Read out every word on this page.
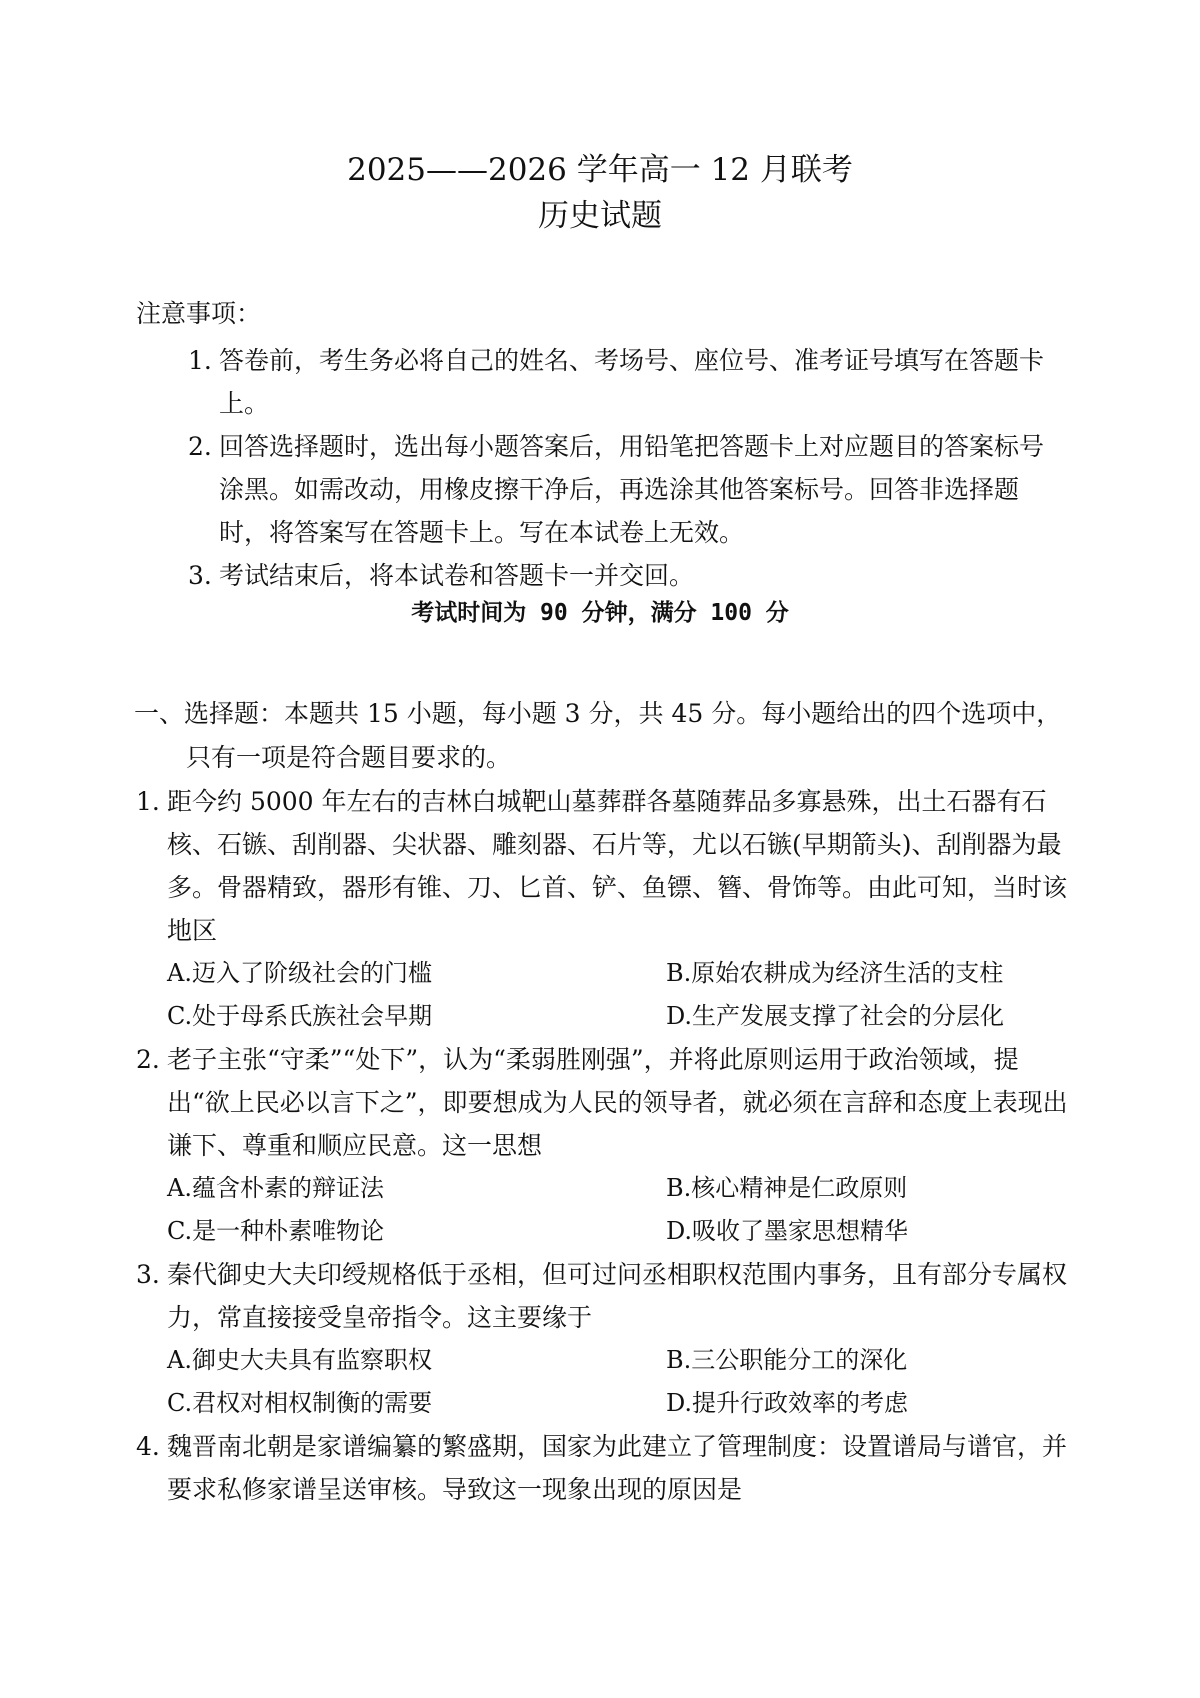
2025——2026 学年高一 12 月联考
历史试题
注意事项：
1. 答卷前，考生务必将自己的姓名、考场号、座位号、准考证号填写在答题卡上。
2. 回答选择题时，选出每小题答案后，用铅笔把答题卡上对应题目的答案标号涂黑。如需改动，用橡皮擦干净后，再选涂其他答案标号。回答非选择题时，将答案写在答题卡上。写在本试卷上无效。
3. 考试结束后，将本试卷和答题卡一并交回。
考试时间为 90 分钟，满分 100 分
一、选择题：本题共 15 小题，每小题 3 分，共 45 分。每小题给出的四个选项中，只有一项是符合题目要求的。
1. 距今约 5000 年左右的吉林白城靶山墓葬群各墓随葬品多寡悬殊，出土石器有石核、石镞、刮削器、尖状器、雕刻器、石片等，尤以石镞(早期箭头)、刮削器为最多。骨器精致，器形有锥、刀、匕首、铲、鱼镖、簪、骨饰等。由此可知，当时该地区
A.迈入了阶级社会的门槛	B.原始农耕成为经济生活的支柱
C.处于母系氏族社会早期	D.生产发展支撑了社会的分层化
2. 老子主张“守柔”“处下”，认为“柔弱胜刚强”，并将此原则运用于政治领域，提出“欲上民必以言下之”，即要想成为人民的领导者，就必须在言辞和态度上表现出谦下、尊重和顺应民意。这一思想
A.蕴含朴素的辩证法	B.核心精神是仁政原则
C.是一种朴素唯物论	D.吸收了墨家思想精华
3. 秦代御史大夫印绶规格低于丞相，但可过问丞相职权范围内事务，且有部分专属权力，常直接接受皇帝指令。这主要缘于
A.御史大夫具有监察职权	B.三公职能分工的深化
C.君权对相权制衡的需要	D.提升行政效率的考虑
4. 魏晋南北朝是家谱编纂的繁盛期，国家为此建立了管理制度：设置谱局与谱官，并要求私修家谱呈送审核。导致这一现象出现的原因是
